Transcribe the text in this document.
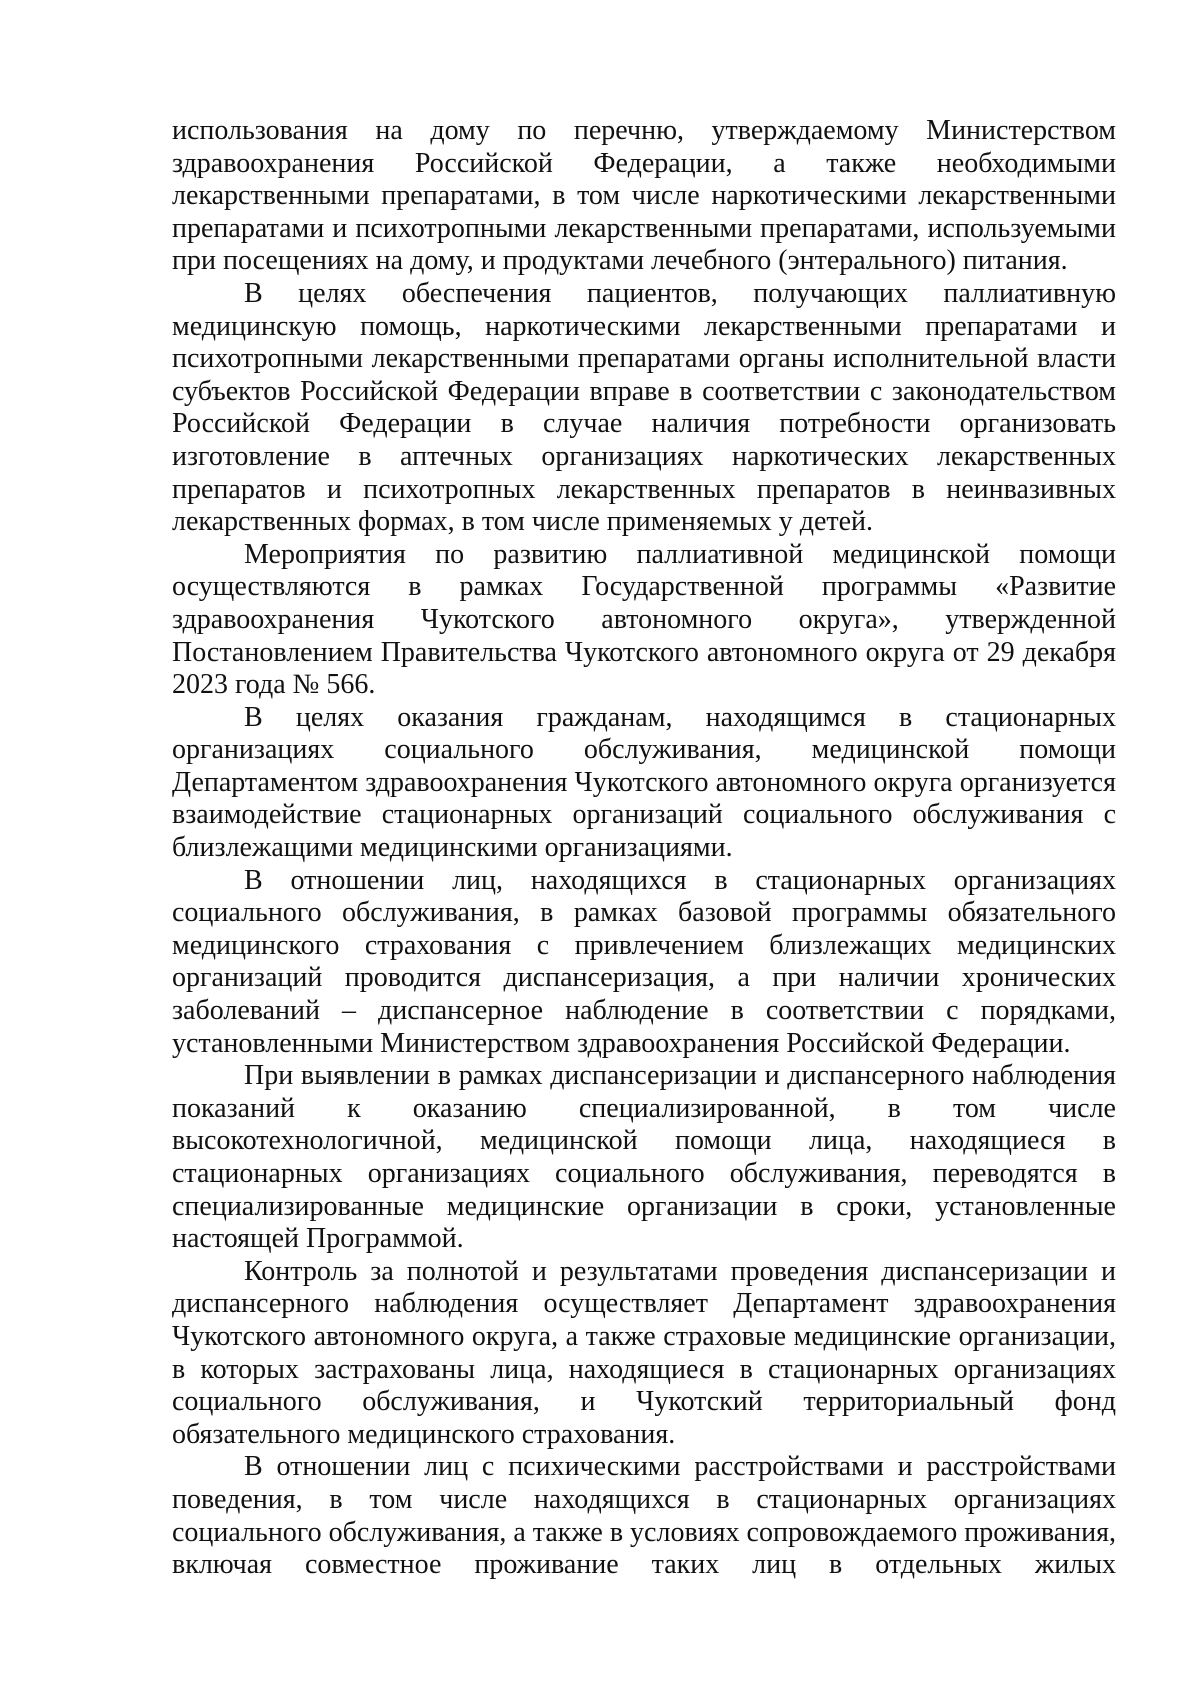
использования на дому по перечню, утверждаемому Министерством здравоохранения Российской Федерации, а также необходимыми лекарственными препаратами, в том числе наркотическими лекарственными препаратами и психотропными лекарственными препаратами, используемыми при посещениях на дому, и продуктами лечебного (энтерального) питания.

В целях обеспечения пациентов, получающих паллиативную медицинскую помощь, наркотическими лекарственными препаратами и психотропными лекарственными препаратами органы исполнительной власти субъектов Российской Федерации вправе в соответствии с законодательством Российской Федерации в случае наличия потребности организовать изготовление в аптечных организациях наркотических лекарственных препаратов и психотропных лекарственных препаратов в неинвазивных лекарственных формах, в том числе применяемых у детей.

Мероприятия по развитию паллиативной медицинской помощи осуществляются в рамках Государственной программы «Развитие здравоохранения Чукотского автономного округа», утвержденной Постановлением Правительства Чукотского автономного округа от 29 декабря 2023 года № 566.

В целях оказания гражданам, находящимся в стационарных организациях социального обслуживания, медицинской помощи Департаментом здравоохранения Чукотского автономного округа организуется взаимодействие стационарных организаций социального обслуживания с близлежащими медицинскими организациями.

В отношении лиц, находящихся в стационарных организациях социального обслуживания, в рамках базовой программы обязательного медицинского страхования с привлечением близлежащих медицинских организаций проводится диспансеризация, а при наличии хронических заболеваний – диспансерное наблюдение в соответствии с порядками, установленными Министерством здравоохранения Российской Федерации.

При выявлении в рамках диспансеризации и диспансерного наблюдения показаний к оказанию специализированной, в том числе высокотехнологичной, медицинской помощи лица, находящиеся в стационарных организациях социального обслуживания, переводятся в специализированные медицинские организации в сроки, установленные настоящей Программой.

Контроль за полнотой и результатами проведения диспансеризации и диспансерного наблюдения осуществляет Департамент здравоохранения Чукотского автономного округа, а также страховые медицинские организации, в которых застрахованы лица, находящиеся в стационарных организациях социального обслуживания, и Чукотский территориальный фонд обязательного медицинского страхования.

В отношении лиц с психическими расстройствами и расстройствами поведения, в том числе находящихся в стационарных организациях социального обслуживания, а также в условиях сопровождаемого проживания, включая совместное проживание таких лиц в отдельных жилых
